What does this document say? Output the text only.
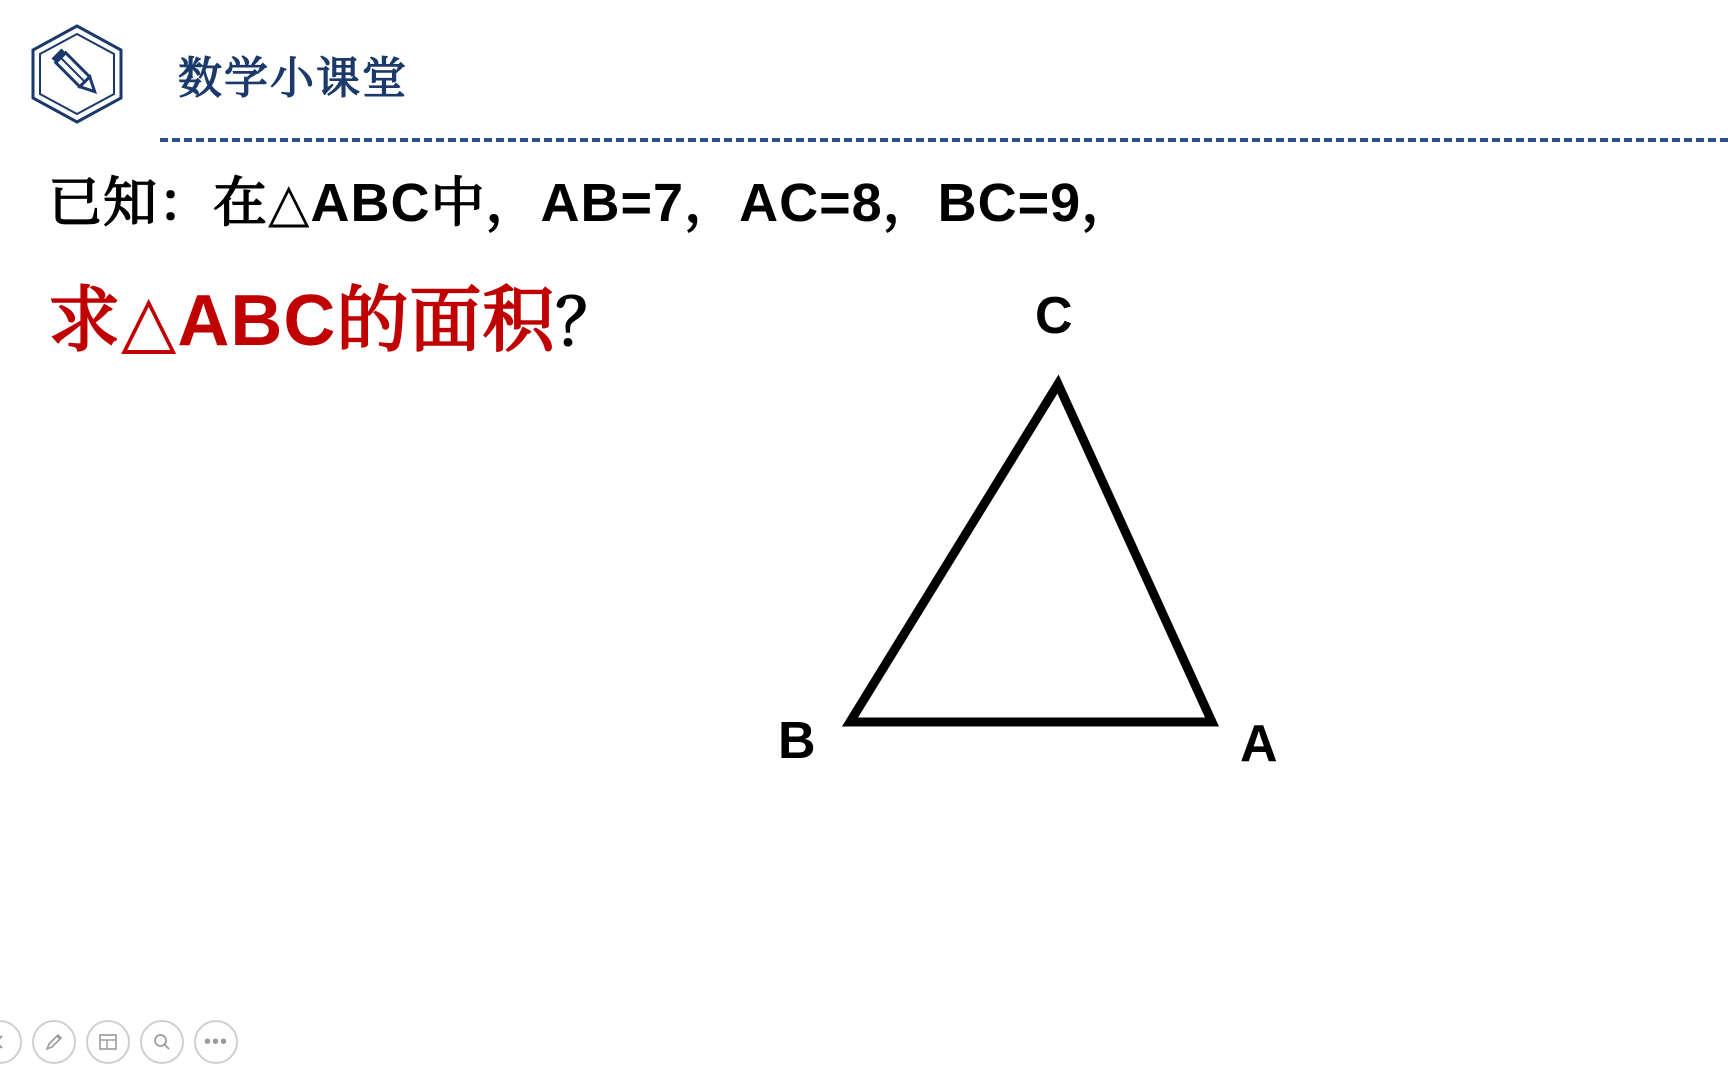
数学小课堂
已知：在△ABC中，AB=7，AC=8，BC=9，
求△ABC的面积？	C
B	A
•••
